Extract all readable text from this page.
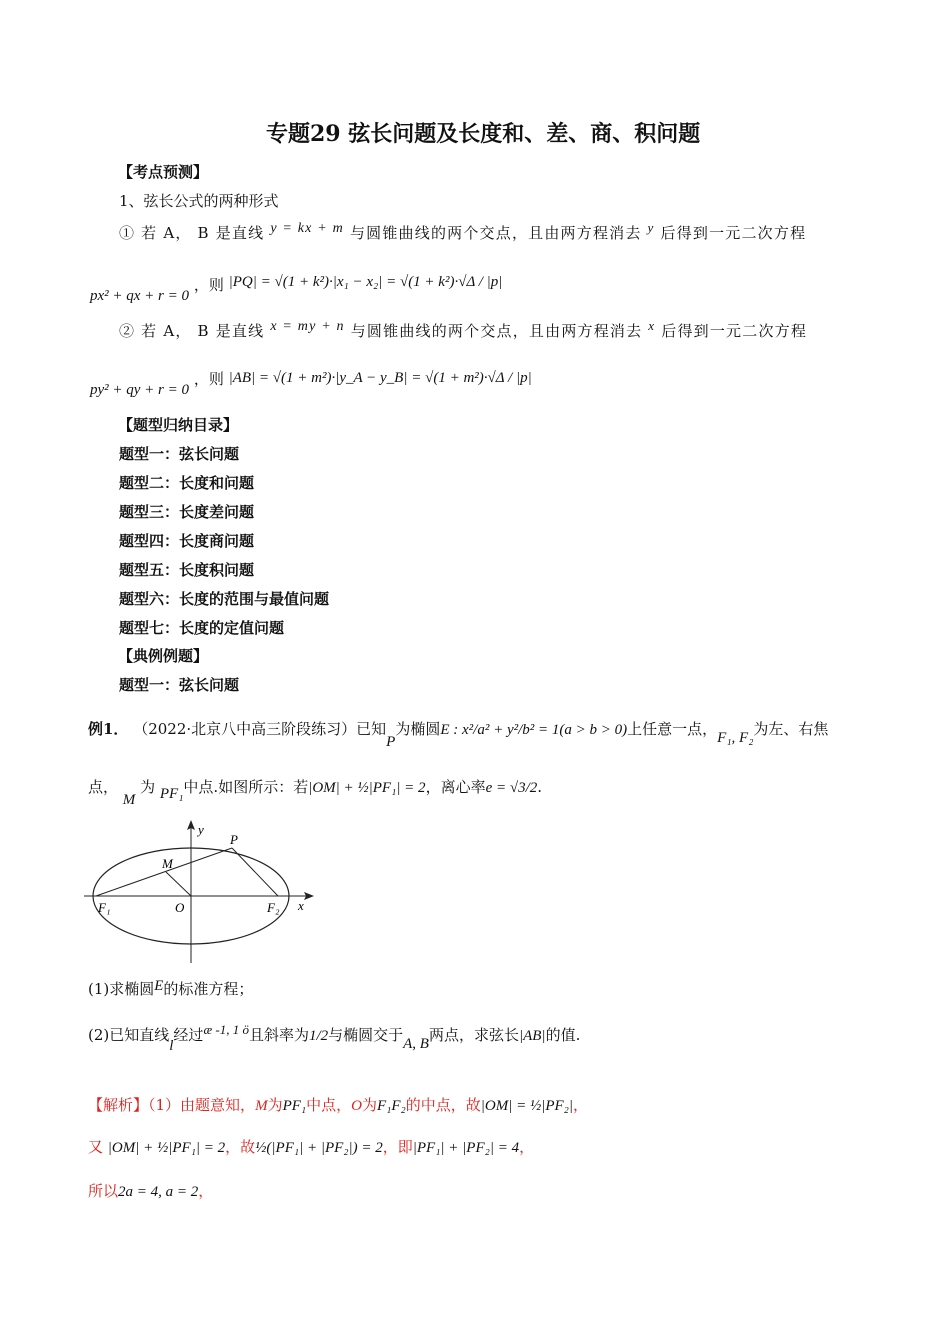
专题29 弦长问题及长度和、差、商、积问题
【考点预测】
1、弦长公式的两种形式
① 若 A， B 是直线 y = kx + m 与圆锥曲线的两个交点，且由两方程消去 y 后得到一元二次方程
px² + qx + r = 0 ，则 |PQ| = √(1 + k²)·|x₁ − x₂| = √(1 + k²)·√Δ / |p|
② 若 A， B 是直线 x = my + n 与圆锥曲线的两个交点，且由两方程消去 x 后得到一元二次方程
py² + qy + r = 0 ，则 |AB| = √(1 + m²)·|y_A − y_B| = √(1 + m²)·√Δ / |p|
【题型归纳目录】
题型一：弦长问题
题型二：长度和问题
题型三：长度差问题
题型四：长度商问题
题型五：长度积问题
题型六：长度的范围与最值问题
题型七：长度的定值问题
【典例例题】
题型一：弦长问题
例1． （2022·北京八中高三阶段练习）已知P为椭圆E : x²/a² + y²/b² = 1(a > b > 0)上任意一点，F₁, F₂为左、右焦
点， M 为 PF₁中点.如图所示：若|OM| + ½|PF₁| = 2，离心率e = √3/2.
y
x
P
M
F₁	O	F₂
(1)求椭圆E的标准方程；
(2)已知直线l经过æ -1, 1 ö且斜率为1/2与椭圆交于A, B两点，求弦长|AB|的值.
【解析】（1）由题意知，M为PF₁中点，O为F₁F₂的中点，故|OM| = ½|PF₂|，
又 |OM| + ½|PF₁| = 2，故½(|PF₁| + |PF₂|) = 2，即|PF₁| + |PF₂| = 4，
所以2a = 4, a = 2，
